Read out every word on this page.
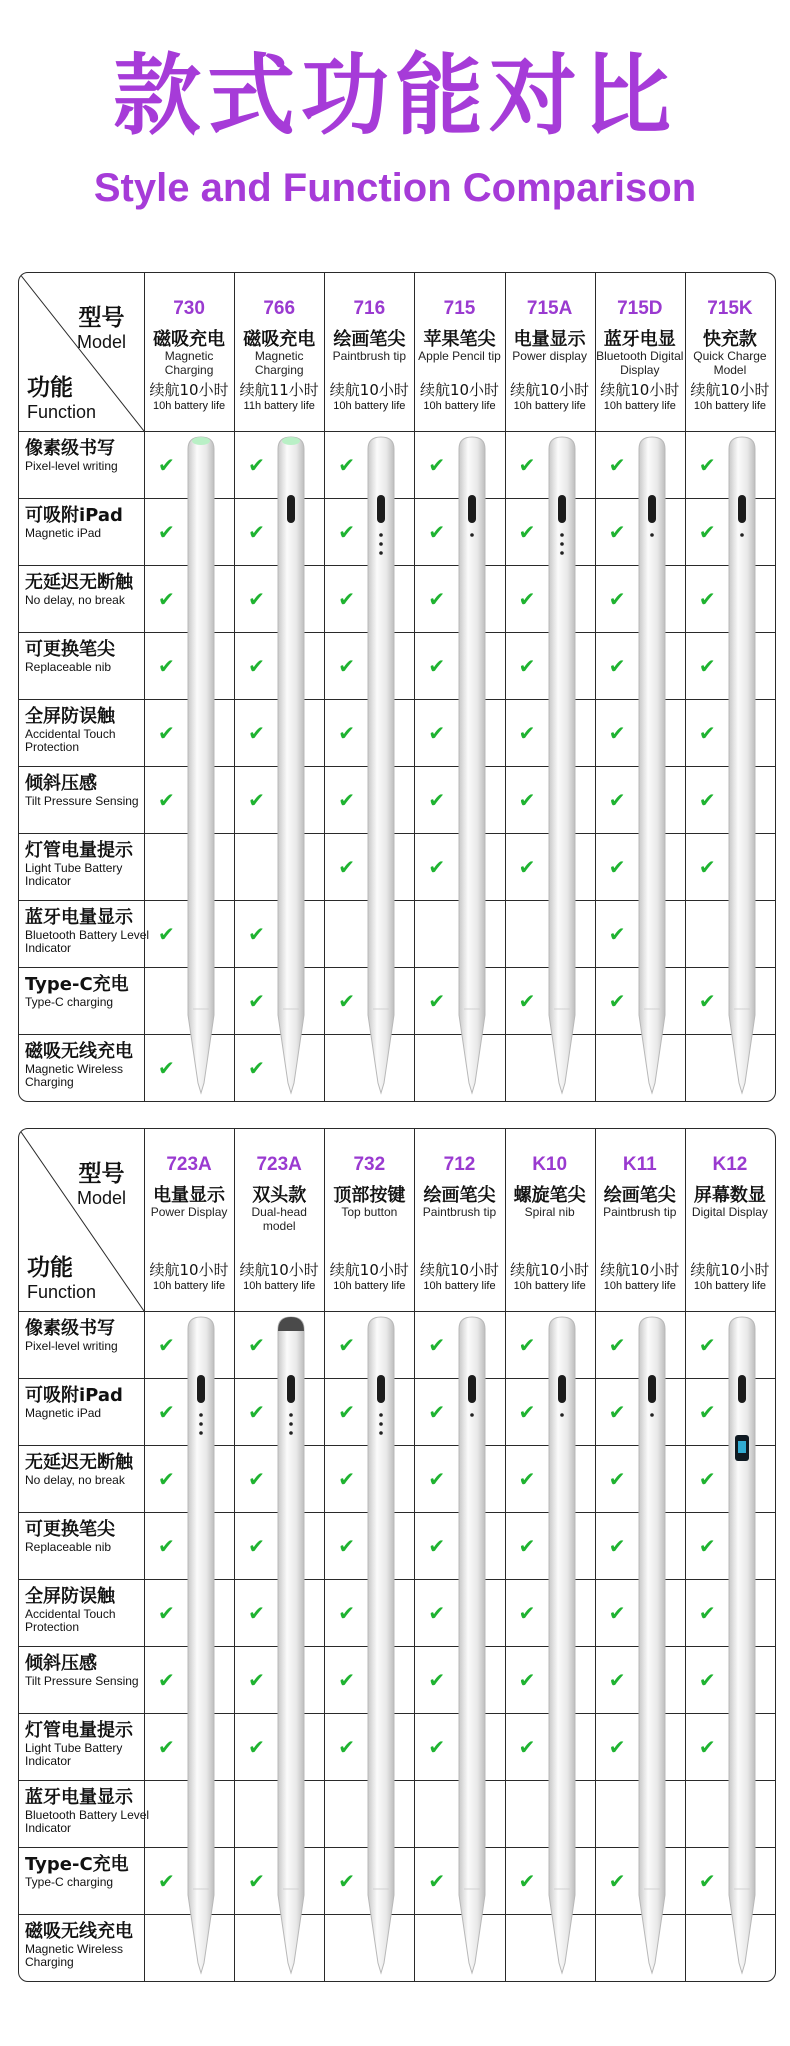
款式功能对比
Style and Function Comparison
型号
Model
功能
Function
像素级书写
Pixel-level writing
可吸附iPad
Magnetic iPad
无延迟无断触
No delay, no break
可更换笔尖
Replaceable nib
全屏防误触
Accidental Touch Protection
倾斜压感
Tilt Pressure Sensing
灯管电量提示
Light Tube Battery Indicator
蓝牙电量显示
Bluetooth Battery Level Indicator
Type-C充电
Type-C charging
磁吸无线充电
Magnetic Wireless Charging
730
磁吸充电
Magnetic Charging
续航10小时
10h battery life
✔
✔
✔
✔
✔
✔
✔
✔
766
磁吸充电
Magnetic Charging
续航11小时
11h battery life
✔
✔
✔
✔
✔
✔
✔
✔
✔
716
绘画笔尖
Paintbrush tip
续航10小时
10h battery life
✔
✔
✔
✔
✔
✔
✔
✔
715
苹果笔尖
Apple Pencil tip
续航10小时
10h battery life
✔
✔
✔
✔
✔
✔
✔
✔
715A
电量显示
Power display
续航10小时
10h battery life
✔
✔
✔
✔
✔
✔
✔
✔
715D
蓝牙电显
Bluetooth Digital Display
续航10小时
10h battery life
✔
✔
✔
✔
✔
✔
✔
✔
✔
715K
快充款
Quick Charge Model
续航10小时
10h battery life
✔
✔
✔
✔
✔
✔
✔
✔
型号
Model
功能
Function
像素级书写
Pixel-level writing
可吸附iPad
Magnetic iPad
无延迟无断触
No delay, no break
可更换笔尖
Replaceable nib
全屏防误触
Accidental Touch Protection
倾斜压感
Tilt Pressure Sensing
灯管电量提示
Light Tube Battery Indicator
蓝牙电量显示
Bluetooth Battery Level Indicator
Type-C充电
Type-C charging
磁吸无线充电
Magnetic Wireless Charging
723A
电量显示
Power Display
续航10小时
10h battery life
✔
✔
✔
✔
✔
✔
✔
✔
723A
双头款
Dual-head model
续航10小时
10h battery life
✔
✔
✔
✔
✔
✔
✔
✔
732
顶部按键
Top button
续航10小时
10h battery life
✔
✔
✔
✔
✔
✔
✔
✔
712
绘画笔尖
Paintbrush tip
续航10小时
10h battery life
✔
✔
✔
✔
✔
✔
✔
✔
K10
螺旋笔尖
Spiral nib
续航10小时
10h battery life
✔
✔
✔
✔
✔
✔
✔
✔
K11
绘画笔尖
Paintbrush tip
续航10小时
10h battery life
✔
✔
✔
✔
✔
✔
✔
✔
K12
屏幕数显
Digital Display
续航10小时
10h battery life
✔
✔
✔
✔
✔
✔
✔
✔
